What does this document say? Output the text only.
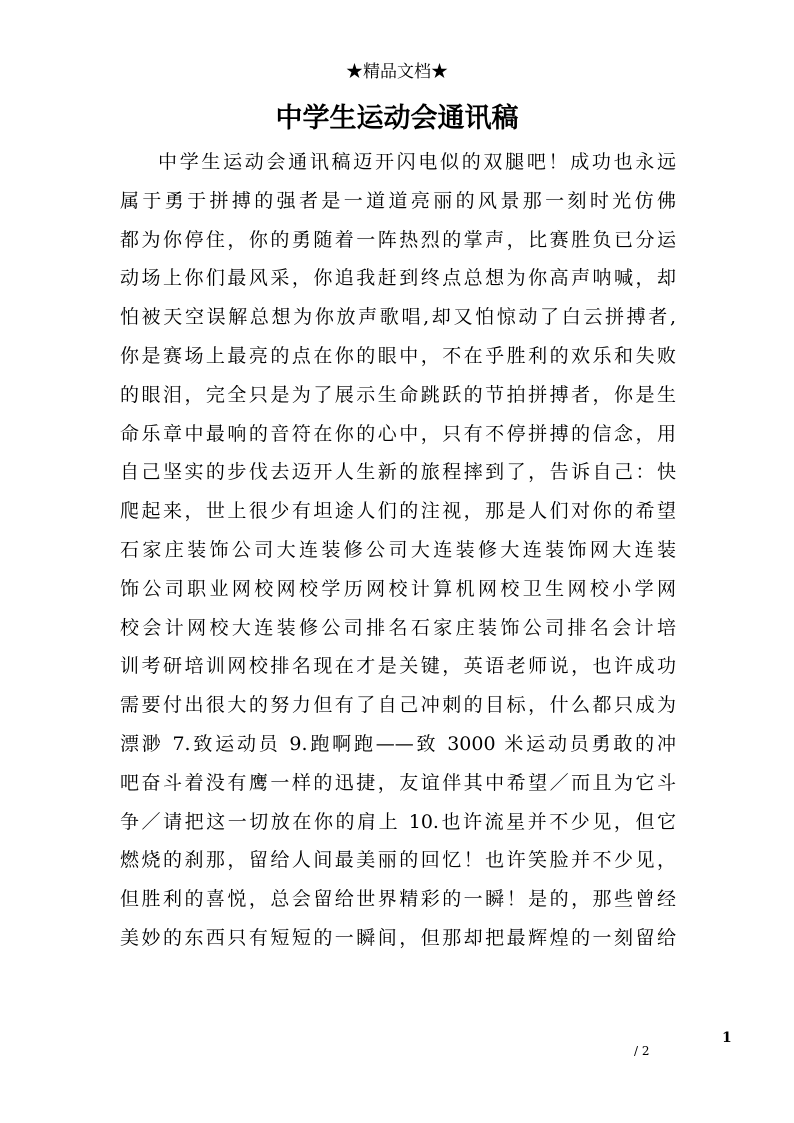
★精品文档★
中学生运动会通讯稿
中学生运动会通讯稿迈开闪电似的双腿吧！成功也永远
属于勇于拼搏的强者是一道道亮丽的风景那一刻时光仿佛
都为你停住，你的勇随着一阵热烈的掌声，比赛胜负已分运
动场上你们最风采，你追我赶到终点总想为你高声呐喊，却
怕被天空误解总想为你放声歌唱,却又怕惊动了白云拼搏者,
你是赛场上最亮的点在你的眼中，不在乎胜利的欢乐和失败
的眼泪，完全只是为了展示生命跳跃的节拍拼搏者，你是生
命乐章中最响的音符在你的心中，只有不停拼搏的信念，用
自己坚实的步伐去迈开人生新的旅程摔到了，告诉自己：快
爬起来，世上很少有坦途人们的注视，那是人们对你的希望
石家庄装饰公司大连装修公司大连装修大连装饰网大连装
饰公司职业网校网校学历网校计算机网校卫生网校小学网
校会计网校大连装修公司排名石家庄装饰公司排名会计培
训考研培训网校排名现在才是关键，英语老师说，也许成功
需要付出很大的努力但有了自己冲刺的目标，什么都只成为
漂渺 7.致运动员 9.跑啊跑——致 3000 米运动员勇敢的冲
吧奋斗着没有鹰一样的迅捷，友谊伴其中希望／而且为它斗
争／请把这一切放在你的肩上 10.也许流星并不少见，但它
燃烧的刹那，留给人间最美丽的回忆！也许笑脸并不少见，
但胜利的喜悦，总会留给世界精彩的一瞬！是的，那些曾经
美妙的东西只有短短的一瞬间，但那却把最辉煌的一刻留给
1
/ 2
